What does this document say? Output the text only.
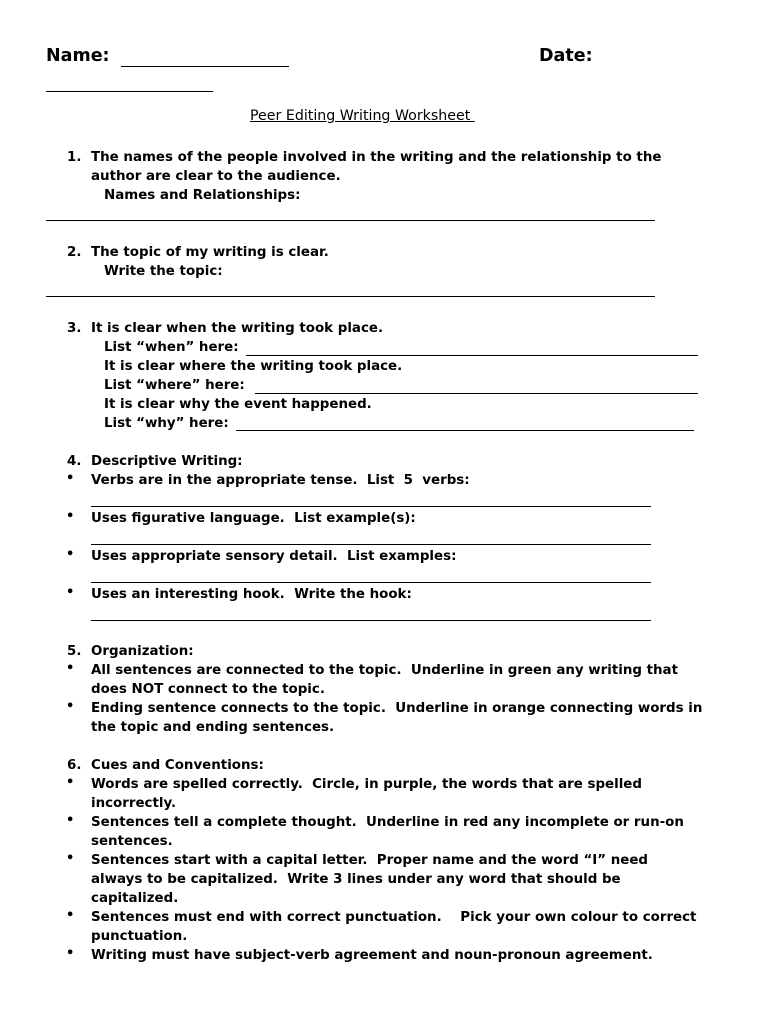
Name:	Date:
Peer Editing Writing Worksheet
1. The names of the people involved in the writing and the relationship to the
author are clear to the audience.
Names and Relationships:
2. The topic of my writing is clear.
Write the topic:
3. It is clear when the writing took place.
List “when” here:
It is clear where the writing took place.
List “where” here:
It is clear why the event happened.
List “why” here:
4. Descriptive Writing:
• Verbs are in the appropriate tense.  List  5  verbs:
• Uses figurative language.  List example(s):
• Uses appropriate sensory detail.  List examples:
• Uses an interesting hook.  Write the hook:
5. Organization:
• All sentences are connected to the topic.  Underline in green any writing that
does NOT connect to the topic.
• Ending sentence connects to the topic.  Underline in orange connecting words in
the topic and ending sentences.
6. Cues and Conventions:
• Words are spelled correctly.  Circle, in purple, the words that are spelled
incorrectly.
• Sentences tell a complete thought.  Underline in red any incomplete or run-on
sentences.
• Sentences start with a capital letter.  Proper name and the word “I” need
always to be capitalized.  Write 3 lines under any word that should be
capitalized.
• Sentences must end with correct punctuation.    Pick your own colour to correct
punctuation.
• Writing must have subject-verb agreement and noun-pronoun agreement.
